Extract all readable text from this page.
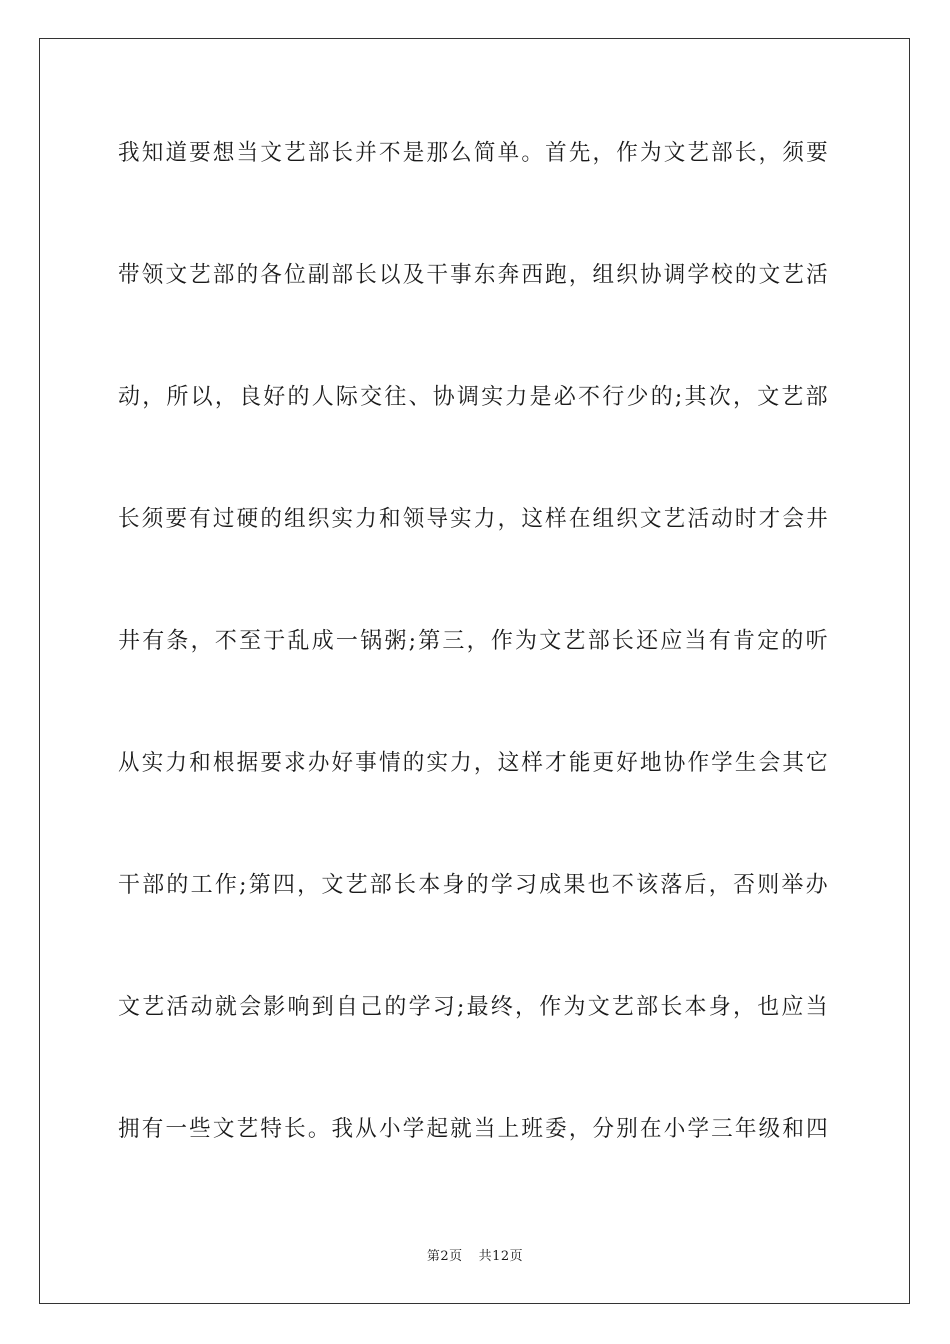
我知道要想当文艺部长并不是那么简单。首先，作为文艺部长，须要
带领文艺部的各位副部长以及干事东奔西跑，组织协调学校的文艺活
动，所以，良好的人际交往、协调实力是必不行少的;其次，文艺部
长须要有过硬的组织实力和领导实力，这样在组织文艺活动时才会井
井有条，不至于乱成一锅粥;第三，作为文艺部长还应当有肯定的听
从实力和根据要求办好事情的实力，这样才能更好地协作学生会其它
干部的工作;第四，文艺部长本身的学习成果也不该落后，否则举办
文艺活动就会影响到自己的学习;最终，作为文艺部长本身，也应当
拥有一些文艺特长。我从小学起就当上班委，分别在小学三年级和四
第2页 共12页
